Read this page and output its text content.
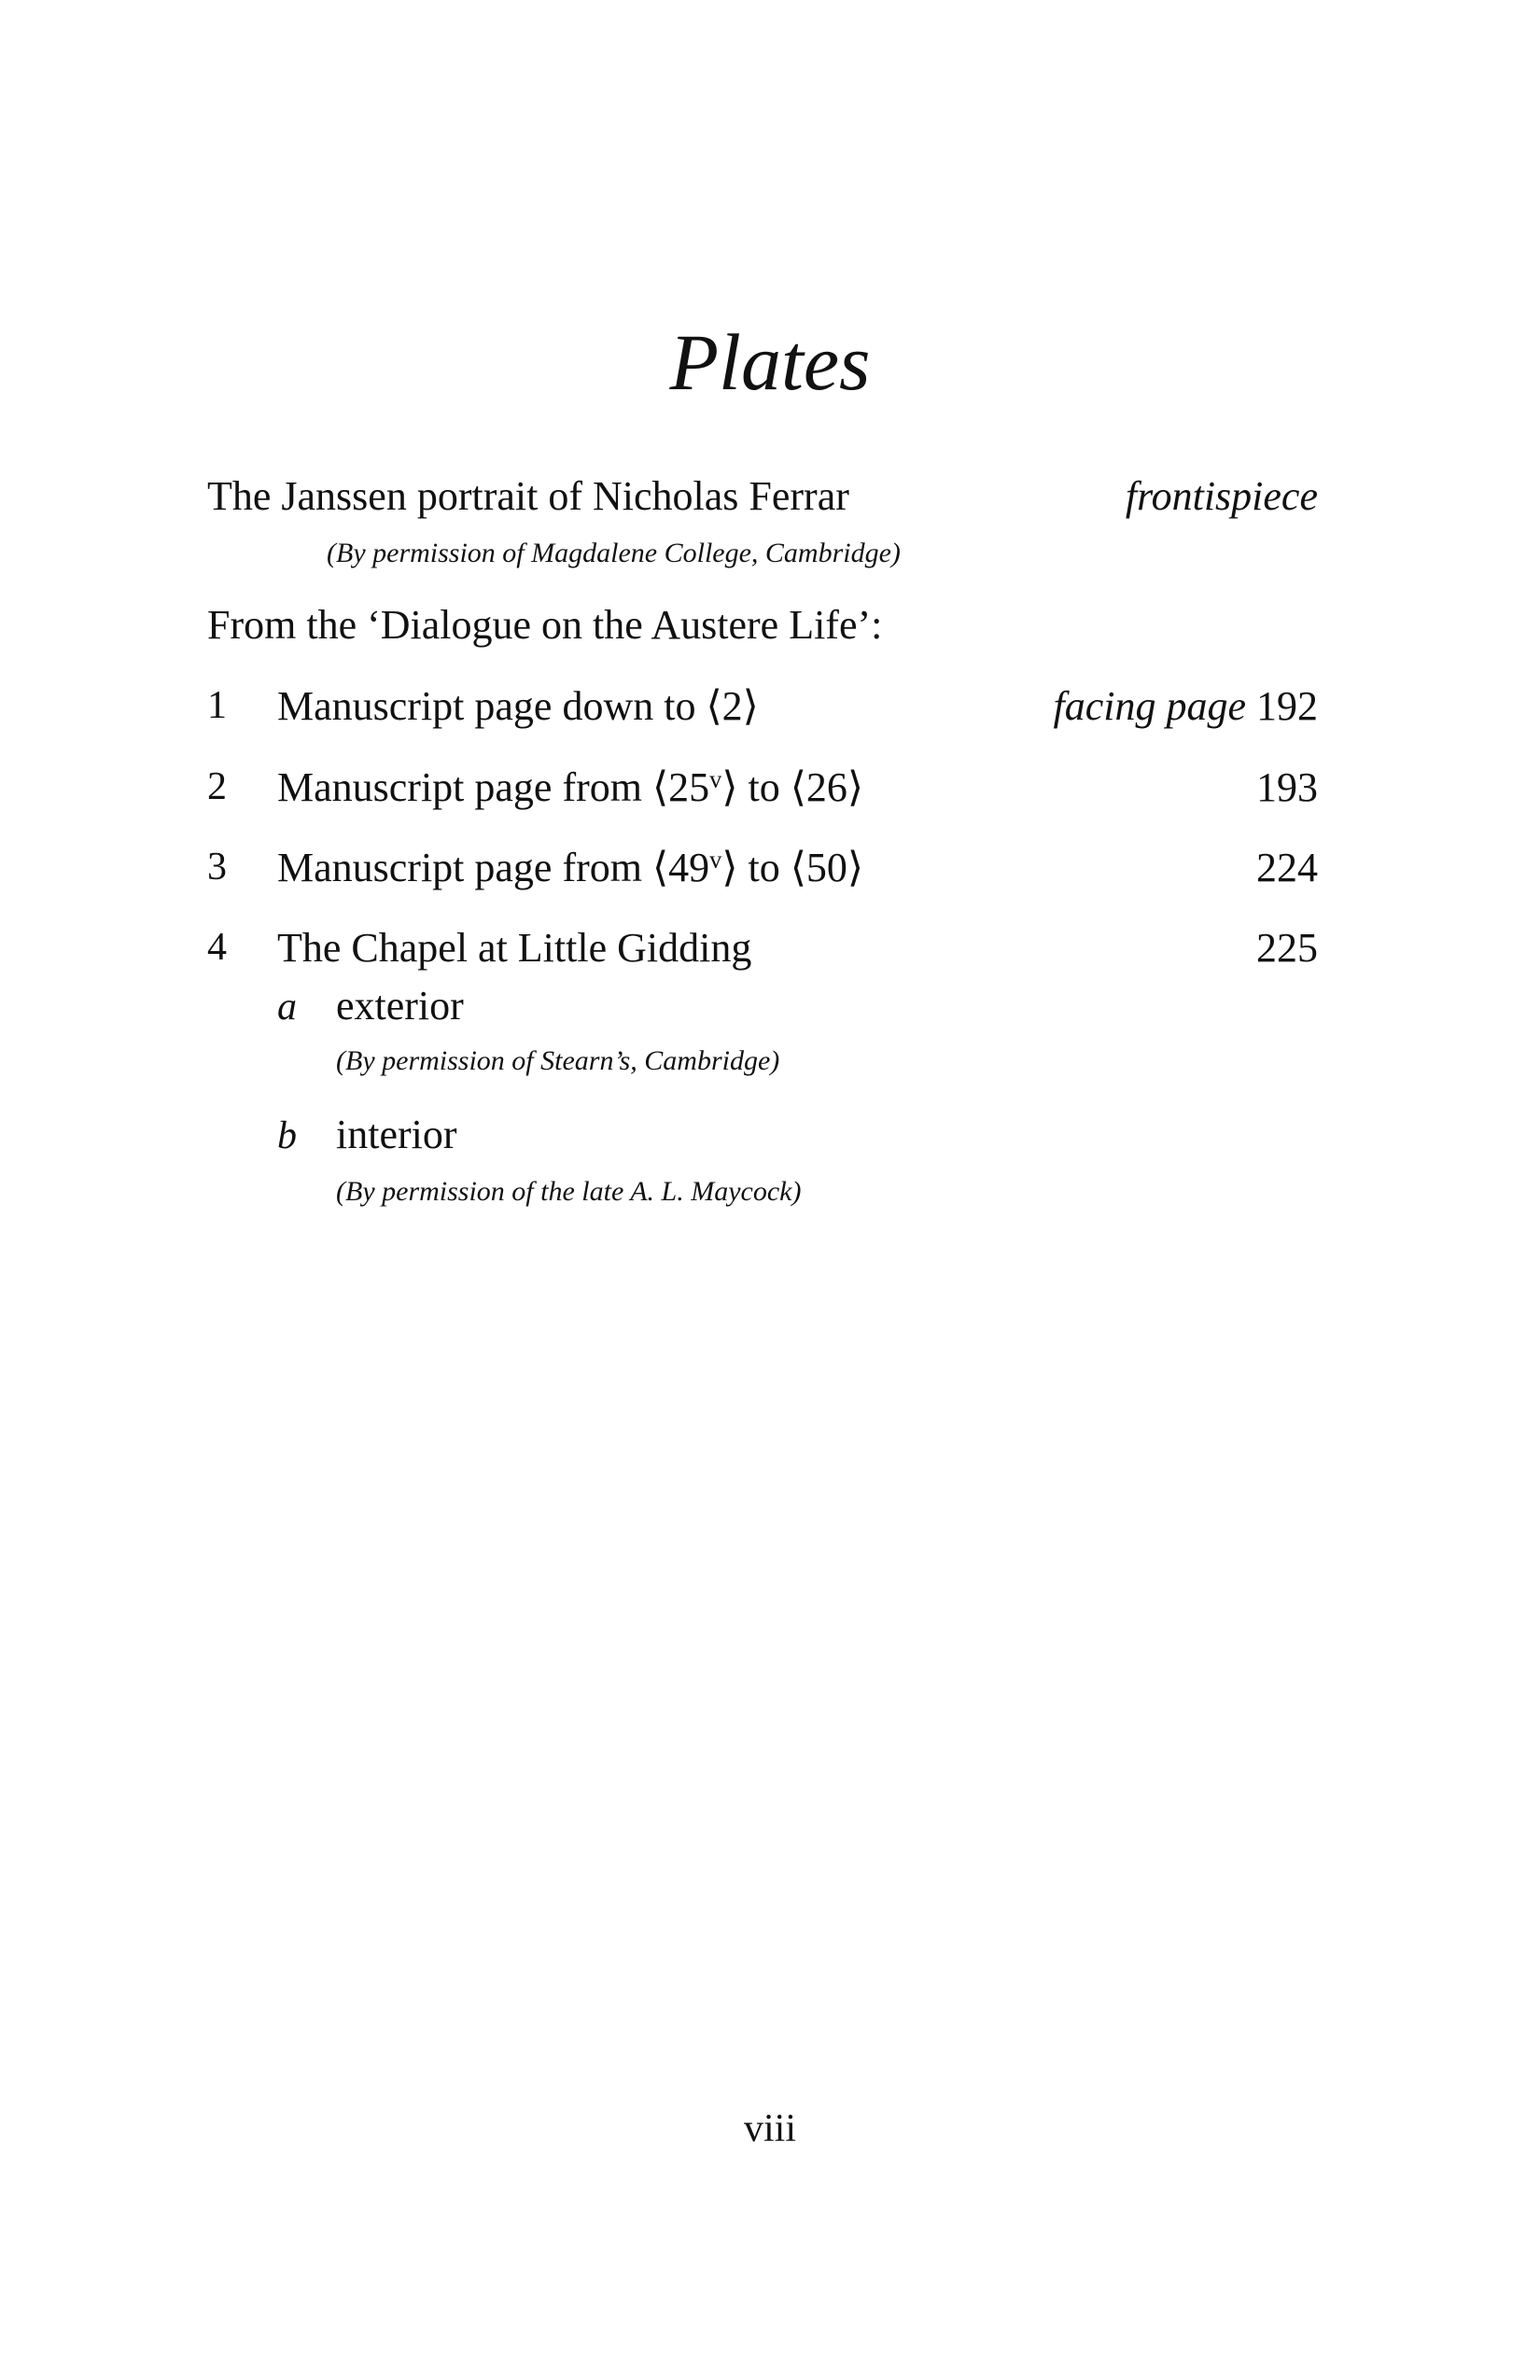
Plates
The Janssen portrait of Nicholas Ferrar	frontispiece
(By permission of Magdalene College, Cambridge)
From the ‘Dialogue on the Austere Life’:
1 Manuscript page down to ⟨2⟩	facing page 192
2 Manuscript page from ⟨25$^v$⟩ to ⟨26⟩	193
3 Manuscript page from ⟨49$^v$⟩ to ⟨50⟩	224
4 The Chapel at Little Gidding	225
a exterior
(By permission of Stearn’s, Cambridge)
b interior
(By permission of the late A. L. Maycock)
viii
